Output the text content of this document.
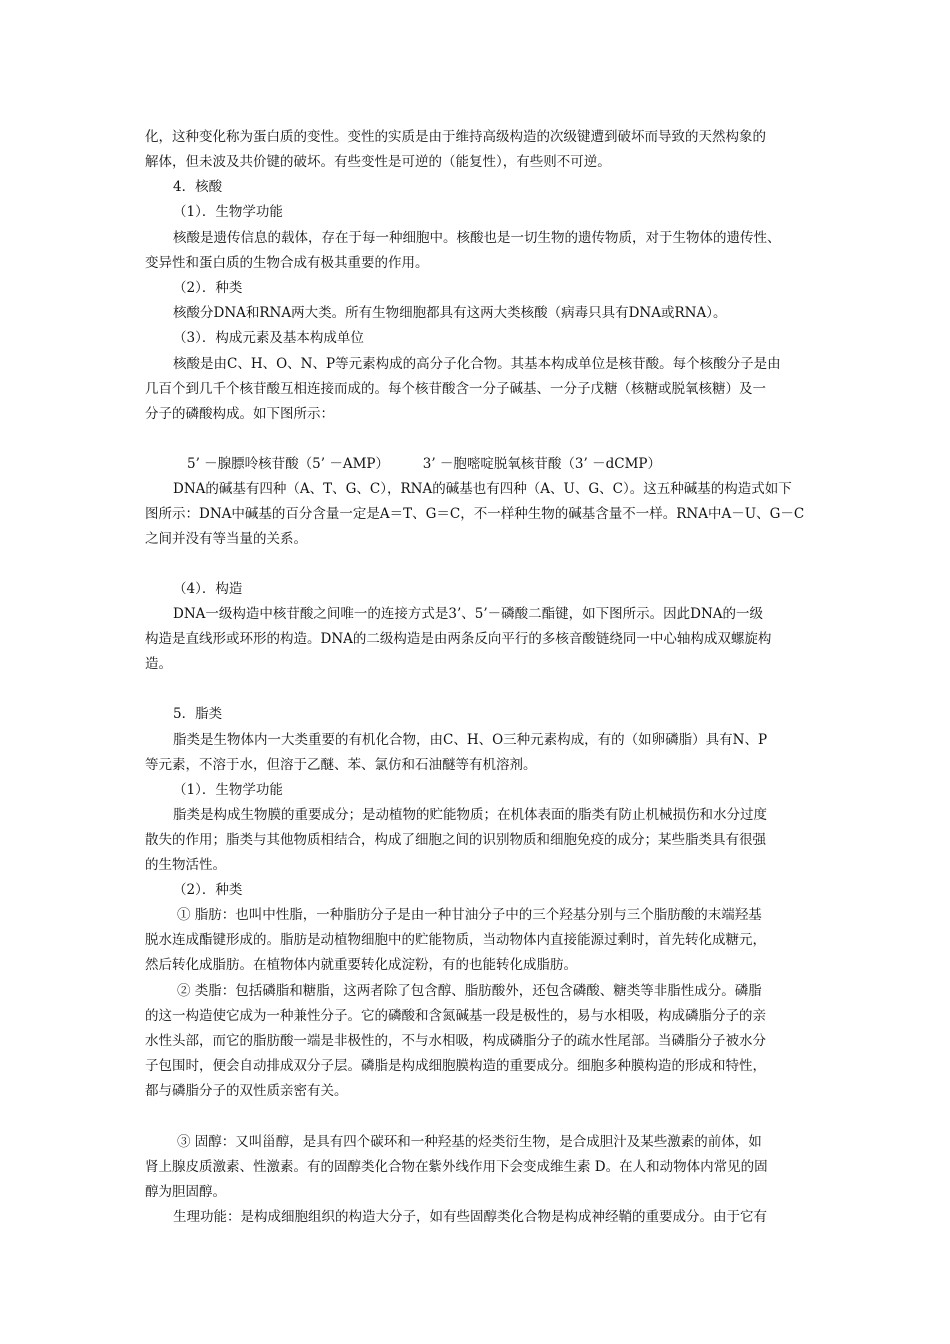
化，这种变化称为蛋白质的变性。变性的实质是由于维持高级构造的次级键遭到破坏而导致的天然构象的
解体，但未波及共价键的破坏。有些变性是可逆的（能复性），有些则不可逆。
4．核酸
（1）．生物学功能
核酸是遗传信息的载体，存在于每一种细胞中。核酸也是一切生物的遗传物质，对于生物体的遗传性、
变异性和蛋白质的生物合成有极其重要的作用。
（2）．种类
核酸分DNA和RNA两大类。所有生物细胞都具有这两大类核酸（病毒只具有DNA或RNA）。
（3）．构成元素及基本构成单位
核酸是由C、H、O、N、P等元素构成的高分子化合物。其基本构成单位是核苷酸。每个核酸分子是由
几百个到几千个核苷酸互相连接而成的。每个核苷酸含一分子碱基、一分子戊糖（核糖或脱氧核糖）及一
分子的磷酸构成。如下图所示：
5’ －腺膘呤核苷酸（5’ －AMP）　　　3’ －胞嘧啶脱氧核苷酸（3’ －dCMP）
DNA的碱基有四种（A、T、G、C），RNA的碱基也有四种（A、U、G、C）。这五种碱基的构造式如下
图所示：DNA中碱基的百分含量一定是A＝T、G＝C，不一样种生物的碱基含量不一样。RNA中A－U、G－C
之间并没有等当量的关系。
（4）．构造
DNA一级构造中核苷酸之间唯一的连接方式是3’、5’－磷酸二酯键，如下图所示。因此DNA的一级
构造是直线形或环形的构造。DNA的二级构造是由两条反向平行的多核音酸链绕同一中心轴构成双螺旋构
造。
5．脂类
脂类是生物体内一大类重要的有机化合物，由C、H、O三种元素构成，有的（如卵磷脂）具有N、P
等元素，不溶于水，但溶于乙醚、苯、氯仿和石油醚等有机溶剂。
（1）．生物学功能
脂类是构成生物膜的重要成分；是动植物的贮能物质；在机体表面的脂类有防止机械损伤和水分过度
散失的作用；脂类与其他物质相结合，构成了细胞之间的识别物质和细胞免疫的成分；某些脂类具有很强
的生物活性。
（2）．种类
① 脂肪：也叫中性脂，一种脂肪分子是由一种甘油分子中的三个羟基分别与三个脂肪酸的末端羟基
脱水连成酯键形成的。脂肪是动植物细胞中的贮能物质，当动物体内直接能源过剩时，首先转化成糖元，
然后转化成脂肪。在植物体内就重要转化成淀粉，有的也能转化成脂肪。
② 类脂：包括磷脂和糖脂，这两者除了包含醇、脂肪酸外，还包含磷酸、糖类等非脂性成分。磷脂
的这一构造使它成为一种兼性分子。它的磷酸和含氮碱基一段是极性的，易与水相吸，构成磷脂分子的亲
水性头部，而它的脂肪酸一端是非极性的，不与水相吸，构成磷脂分子的疏水性尾部。当磷脂分子被水分
子包围时，便会自动排成双分子层。磷脂是构成细胞膜构造的重要成分。细胞多种膜构造的形成和特性，
都与磷脂分子的双性质亲密有关。
③ 固醇：又叫甾醇，是具有四个碳环和一种羟基的烃类衍生物，是合成胆汁及某些激素的前体，如
肾上腺皮质激素、性激素。有的固醇类化合物在紫外线作用下会变成维生素 D。在人和动物体内常见的固
醇为胆固醇。
生理功能：是构成细胞组织的构造大分子，如有些固醇类化合物是构成神经鞘的重要成分。由于它有
